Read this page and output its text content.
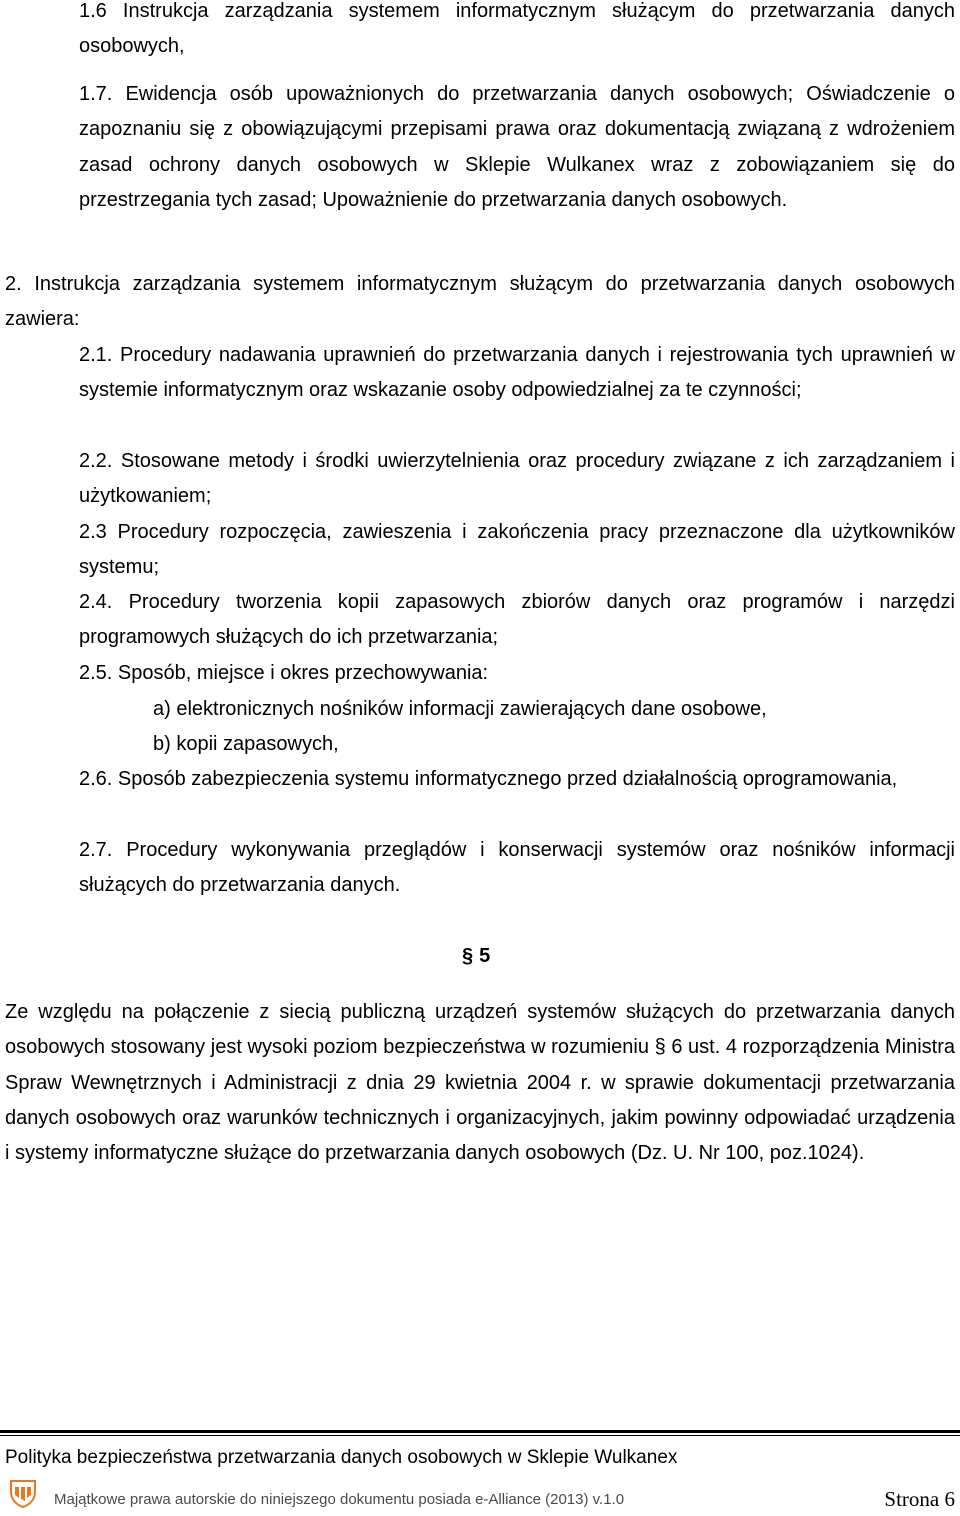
1.6 Instrukcja zarządzania systemem informatycznym służącym do przetwarzania danych osobowych,

1.7. Ewidencja osób upoważnionych do przetwarzania danych osobowych; Oświadczenie o zapoznaniu się z obowiązującymi przepisami prawa oraz dokumentacją związaną z wdrożeniem zasad ochrony danych osobowych w Sklepie Wulkanex wraz z zobowiązaniem się do przestrzegania tych zasad; Upoważnienie do przetwarzania danych osobowych.

2. Instrukcja zarządzania systemem informatycznym służącym do przetwarzania danych osobowych zawiera:

2.1. Procedury nadawania uprawnień do przetwarzania danych i rejestrowania tych uprawnień w systemie informatycznym oraz wskazanie osoby odpowiedzialnej za te czynności;

2.2. Stosowane metody i środki uwierzytelnienia oraz procedury związane z ich zarządzaniem i użytkowaniem;

2.3 Procedury rozpoczęcia, zawieszenia i zakończenia pracy przeznaczone dla użytkowników systemu;

2.4. Procedury tworzenia kopii zapasowych zbiorów danych oraz programów i narzędzi programowych służących do ich przetwarzania;

2.5. Sposób, miejsce i okres przechowywania:

a) elektronicznych nośników informacji zawierających dane osobowe,

b) kopii zapasowych,

2.6. Sposób zabezpieczenia systemu informatycznego przed działalnością oprogramowania,

2.7. Procedury wykonywania przeglądów i konserwacji systemów oraz nośników informacji służących do przetwarzania danych.

§ 5

Ze względu na połączenie z siecią publiczną urządzeń systemów służących do przetwarzania danych osobowych stosowany jest wysoki poziom bezpieczeństwa w rozumieniu § 6 ust. 4 rozporządzenia Ministra Spraw Wewnętrznych i Administracji z dnia 29 kwietnia 2004 r. w sprawie dokumentacji przetwarzania danych osobowych oraz warunków technicznych i organizacyjnych, jakim powinny odpowiadać urządzenia i systemy informatyczne służące do przetwarzania danych osobowych (Dz. U. Nr 100, poz.1024).

Polityka bezpieczeństwa przetwarzania danych osobowych w Sklepie Wulkanex

Majątkowe prawa autorskie do niniejszego dokumentu posiada e-Alliance (2013) v.1.0	Strona 6
